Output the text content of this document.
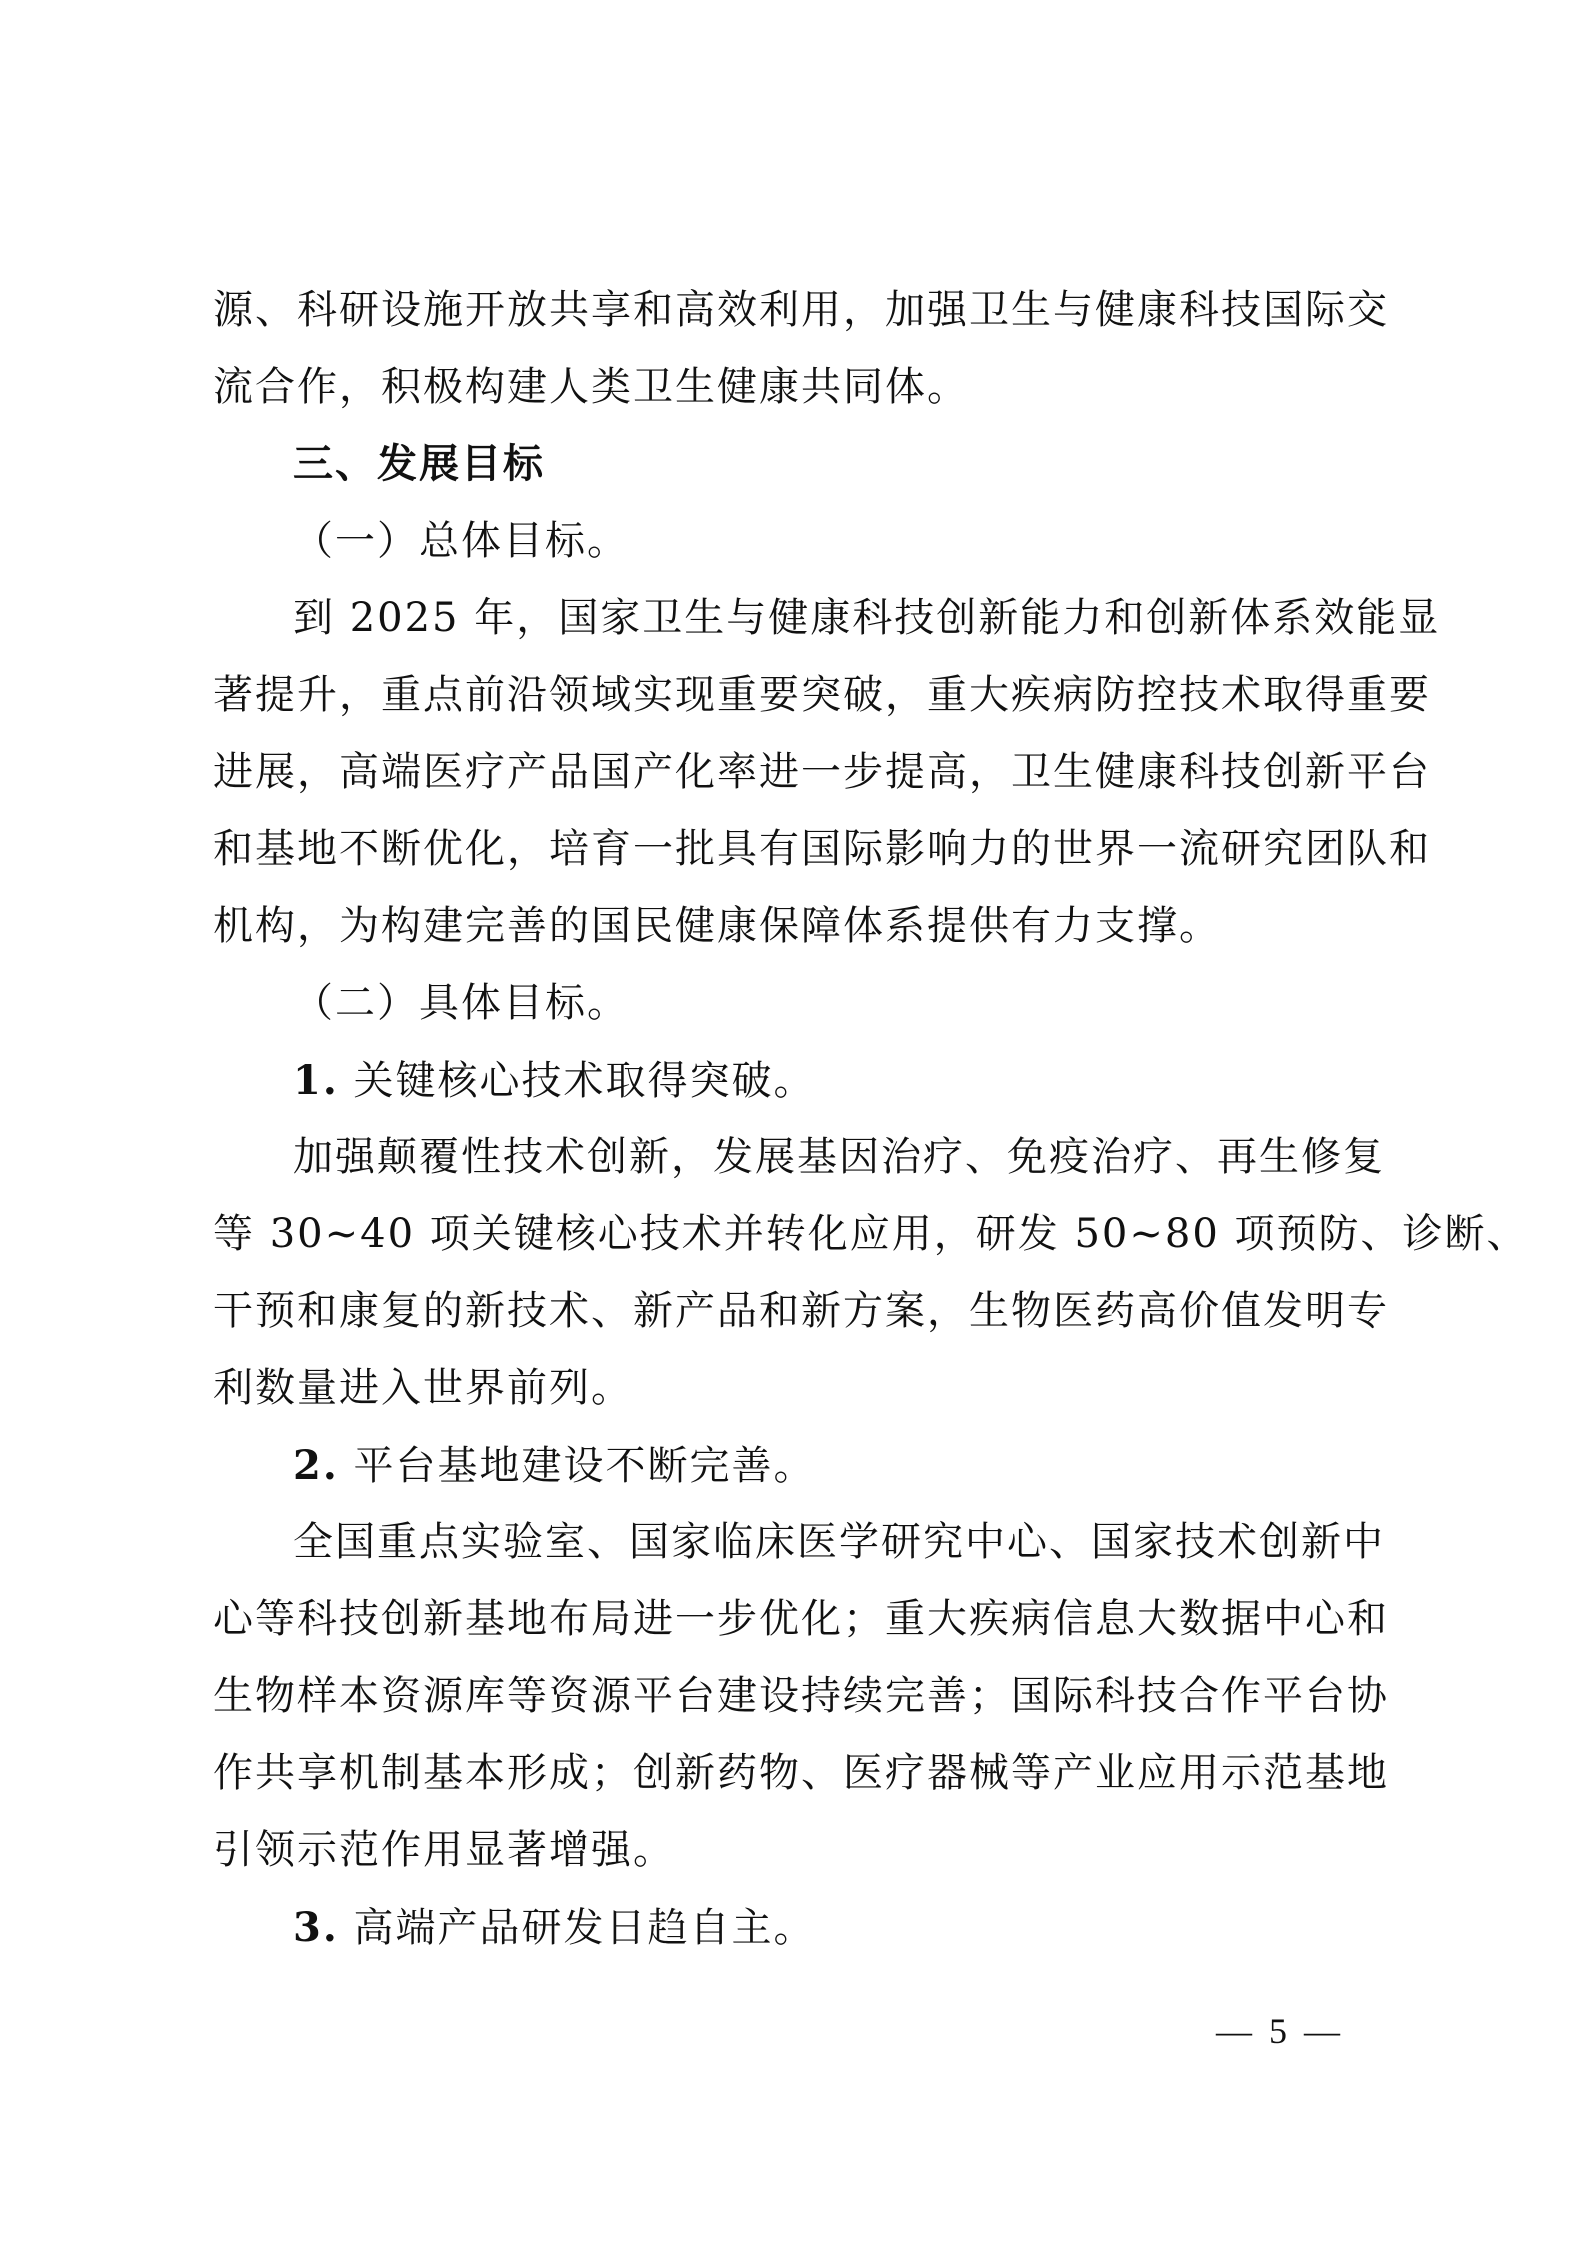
源、科研设施开放共享和高效利用，加强卫生与健康科技国际交
流合作，积极构建人类卫生健康共同体。
三、发展目标
（一）总体目标。
到 2025 年，国家卫生与健康科技创新能力和创新体系效能显
著提升，重点前沿领域实现重要突破，重大疾病防控技术取得重要
进展，高端医疗产品国产化率进一步提高，卫生健康科技创新平台
和基地不断优化，培育一批具有国际影响力的世界一流研究团队和
机构，为构建完善的国民健康保障体系提供有力支撑。
（二）具体目标。
1. 关键核心技术取得突破。
加强颠覆性技术创新，发展基因治疗、免疫治疗、再生修复
等 30~40 项关键核心技术并转化应用，研发 50~80 项预防、诊断、
干预和康复的新技术、新产品和新方案，生物医药高价值发明专
利数量进入世界前列。
2. 平台基地建设不断完善。
全国重点实验室、国家临床医学研究中心、国家技术创新中
心等科技创新基地布局进一步优化；重大疾病信息大数据中心和
生物样本资源库等资源平台建设持续完善；国际科技合作平台协
作共享机制基本形成；创新药物、医疗器械等产业应用示范基地
引领示范作用显著增强。
3. 高端产品研发日趋自主。
— 5 —
